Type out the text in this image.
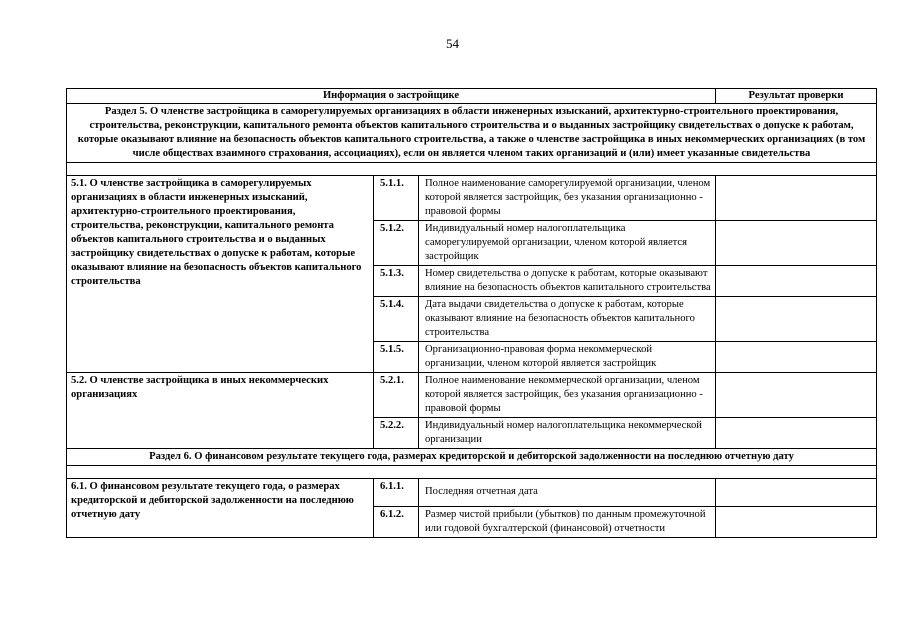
54
Информация о застройщике			Результат проверки
Раздел 5. О членстве застройщика в саморегулируемых организациях в области инженерных изысканий, архитектурно-строительного проектирования, строительства, реконструкции, капитального ремонта объектов капитального строительства и о выданных застройщику свидетельствах о допуске к работам, которые оказывают влияние на безопасность объектов капитального строительства, а также о членстве застройщика в иных некоммерческих организациях (в том числе обществах взаимного страхования, ассоциациях), если он является членом таких организаций и (или) имеет указанные свидетельства			

5.1. О членстве застройщика в саморегулируемых организациях в области инженерных изысканий, архитектурно-строительного проектирования, строительства, реконструкции, капитального ремонта объектов капитального строительства и о выданных застройщику свидетельствах о допуске к работам, которые оказывают влияние на безопасность объектов капитального строительства	5.1.1.	Полное наименование саморегулируемой организации, членом которой является застройщик, без указания организационно - правовой формы	
	5.1.2.	Индивидуальный номер налогоплательщика саморегулируемой организации, членом которой является застройщик	
	5.1.3.	Номер свидетельства о допуске к работам, которые оказывают влияние на безопасность объектов капитального строительства	
	5.1.4.	Дата выдачи свидетельства о допуске к работам, которые оказывают влияние на безопасность объектов капитального строительства	
	5.1.5.	Организационно-правовая форма некоммерческой организации, членом которой является застройщик	
5.2. О членстве застройщика в иных некоммерческих организациях	5.2.1.	Полное наименование некоммерческой организации, членом которой является застройщик, без указания организационно - правовой формы	
	5.2.2.	Индивидуальный номер налогоплательщика некоммерческой организации	
Раздел 6. О финансовом результате текущего года, размерах кредиторской и дебиторской задолженности на последнюю отчетную дату			

6.1. О финансовом результате текущего года, о размерах кредиторской и дебиторской задолженности на последнюю отчетную дату	6.1.1.	Последняя отчетная дата	
	6.1.2.	Размер чистой прибыли (убытков) по данным промежуточной или годовой бухгалтерской (финансовой) отчетности	
